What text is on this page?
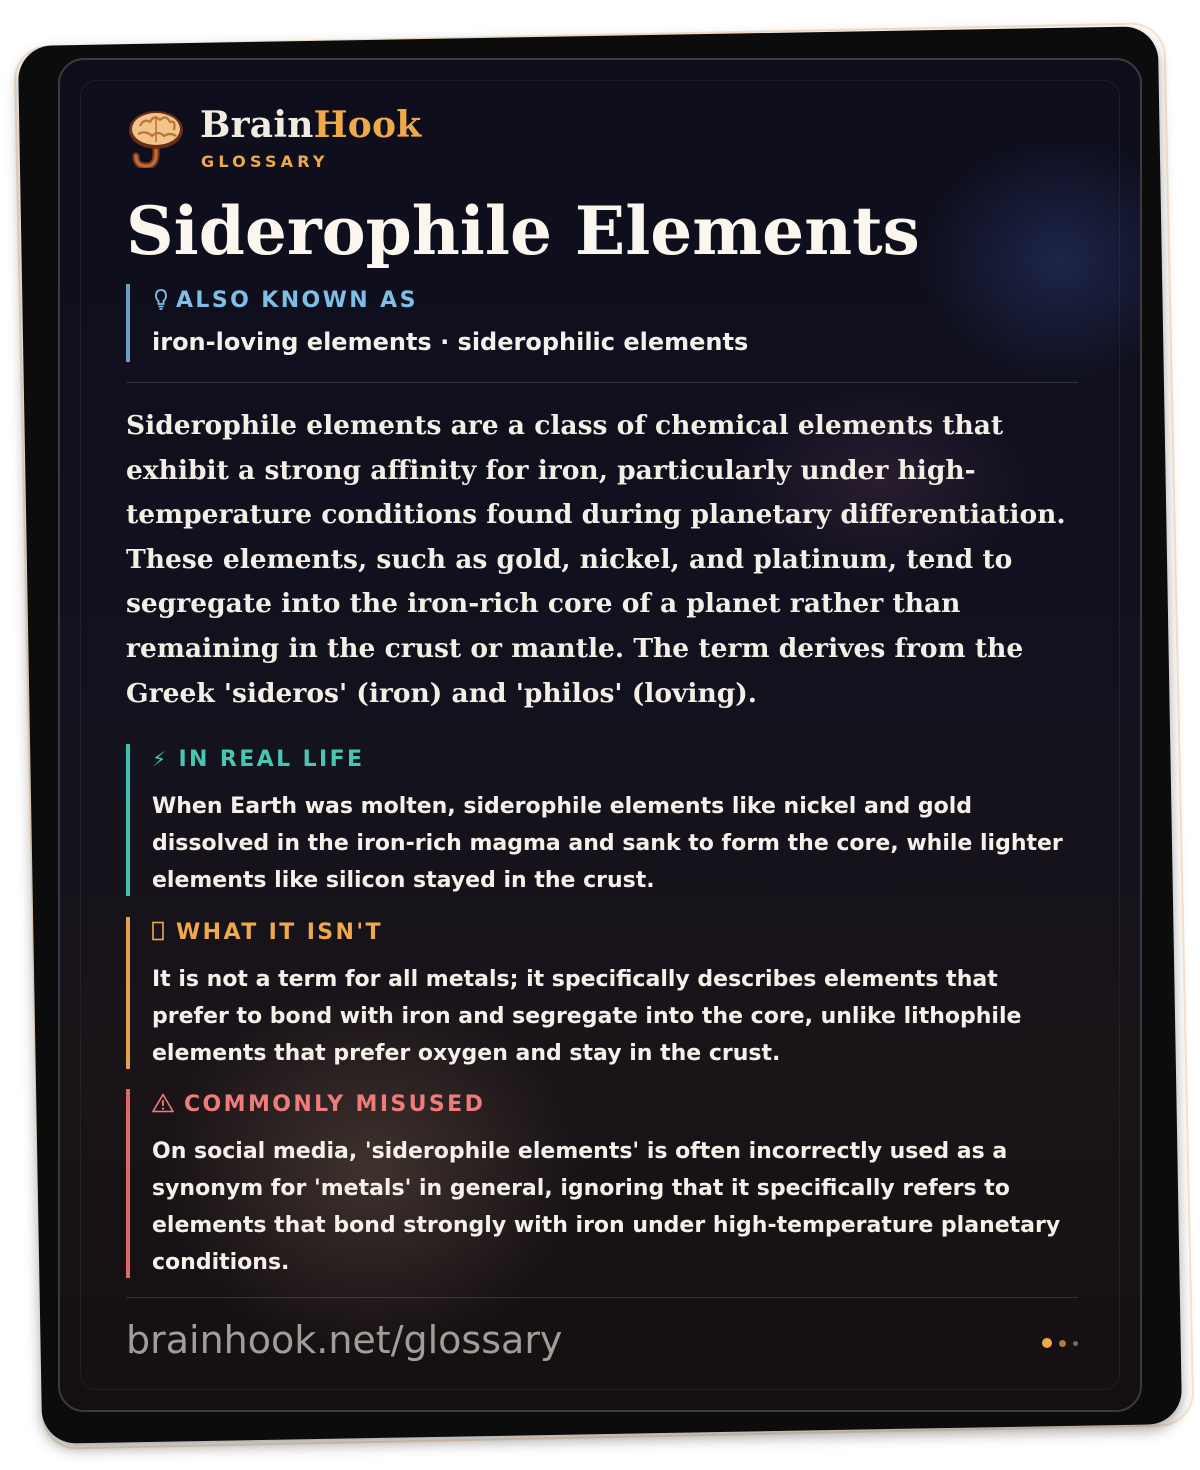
BrainHook
GLOSSARY
Siderophile Elements
ALSO KNOWN AS
iron-loving elements · siderophilic elements

Siderophile elements are a class of chemical elements that exhibit a strong affinity for iron, particularly under high-temperature conditions found during planetary differentiation. These elements, such as gold, nickel, and platinum, tend to segregate into the iron-rich core of a planet rather than remaining in the crust or mantle. The term derives from the Greek 'sideros' (iron) and 'philos' (loving).

⚡ IN REAL LIFE

When Earth was molten, siderophile elements like nickel and gold dissolved in the iron-rich magma and sank to form the core, while lighter elements like silicon stayed in the crust.

WHAT IT ISN'T

It is not a term for all metals; it specifically describes elements that prefer to bond with iron and segregate into the core, unlike lithophile elements that prefer oxygen and stay in the crust.

COMMONLY MISUSED

On social media, 'siderophile elements' is often incorrectly used as a synonym for 'metals' in general, ignoring that it specifically refers to elements that bond strongly with iron under high-temperature planetary conditions.

brainhook.net/glossary
